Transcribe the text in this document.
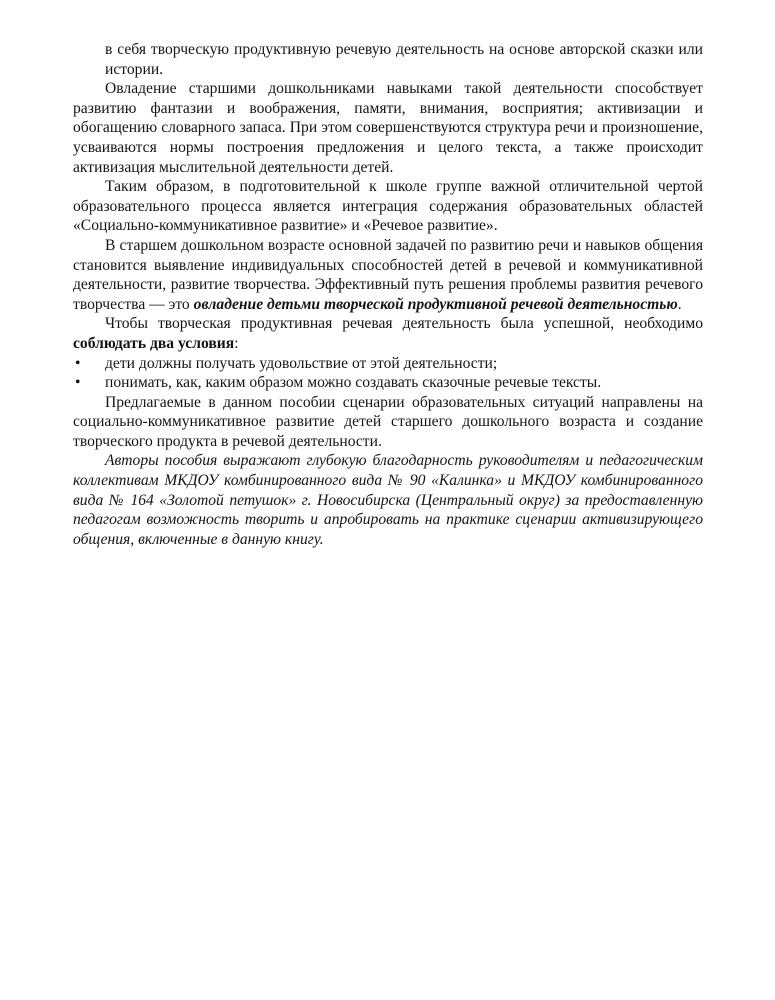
в себя творческую продуктивную речевую деятельность на основе авторской сказки или истории.

Овладение старшими дошкольниками навыками такой деятельности способствует развитию фантазии и воображения, памяти, внимания, восприятия; активизации и обогащению словарного запаса. При этом совершенствуются структура речи и произношение, усваиваются нормы построения предложения и целого текста, а также происходит активизация мыслительной деятельности детей.

Таким образом, в подготовительной к школе группе важной отличительной чертой образовательного процесса является интеграция содержания образовательных областей «Социально-коммуникативное развитие» и «Речевое развитие».

В старшем дошкольном возрасте основной задачей по развитию речи и навыков общения становится выявление индивидуальных способностей детей в речевой и коммуникативной деятельности, развитие творчества. Эффективный путь решения проблемы развития речевого творчества — это овладение детьми творческой продуктивной речевой деятельностью.

Чтобы творческая продуктивная речевая деятельность была успешной, необходимо соблюдать два условия:

• дети должны получать удовольствие от этой деятельности;
• понимать, как, каким образом можно создавать сказочные речевые тексты.

Предлагаемые в данном пособии сценарии образовательных ситуаций направлены на социально-коммуникативное развитие детей старшего дошкольного возраста и создание творческого продукта в речевой деятельности.

Авторы пособия выражают глубокую благодарность руководителям и педагогическим коллективам МКДОУ комбинированного вида № 90 «Калинка» и МКДОУ комбинированного вида № 164 «Золотой петушок» г. Новосибирска (Центральный округ) за предоставленную педагогам возможность творить и апробировать на практике сценарии активизирующего общения, включенные в данную книгу.
